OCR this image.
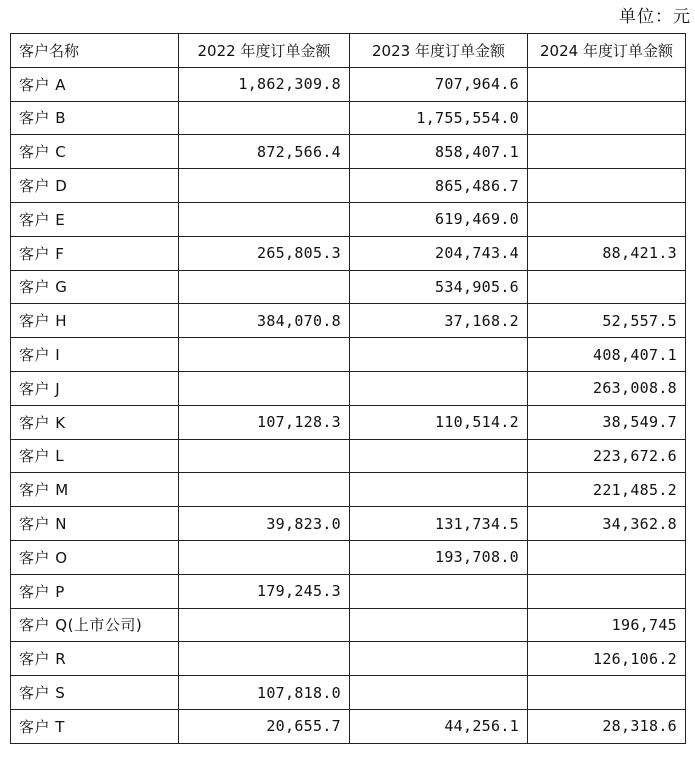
单位：元
客户名称	2022 年度订单金额	2023 年度订单金额	2024 年度订单金额
客户 A	1,862,309.8	707,964.6	
客户 B		1,755,554.0	
客户 C	872,566.4	858,407.1	
客户 D		865,486.7	
客户 E		619,469.0	
客户 F	265,805.3	204,743.4	88,421.3
客户 G		534,905.6	
客户 H	384,070.8	37,168.2	52,557.5
客户 I			408,407.1
客户 J			263,008.8
客户 K	107,128.3	110,514.2	38,549.7
客户 L			223,672.6
客户 M			221,485.2
客户 N	39,823.0	131,734.5	34,362.8
客户 O		193,708.0	
客户 P	179,245.3		
客户 Q(上市公司)			196,745
客户 R			126,106.2
客户 S	107,818.0		
客户 T	20,655.7	44,256.1	28,318.6
